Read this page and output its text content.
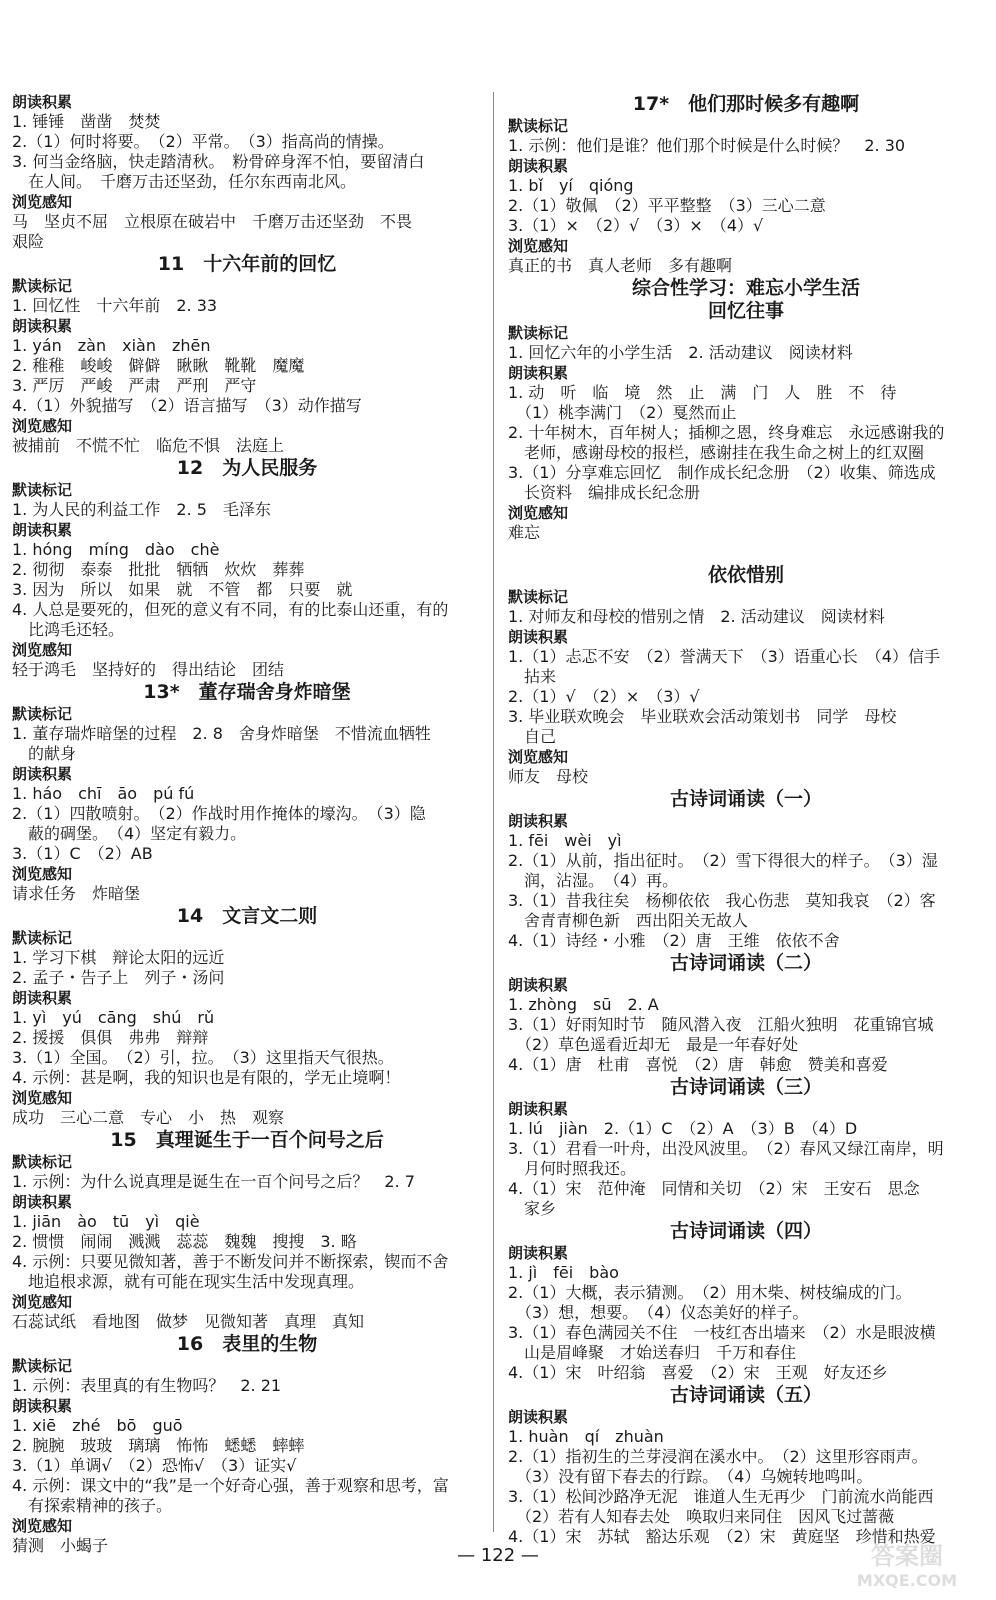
朗读积累
1. 锤锤　凿凿　焚焚
2.（1）何时将要。　（2）平常。　（3）指高尚的情操。
3. 何当金络脑，快走踏清秋。　粉骨碎身浑不怕，要留清白
　在人间。　千磨万击还坚劲，任尔东西南北风。
浏览感知
马　坚贞不屈　立根原在破岩中　千磨万击还坚劲　不畏
艰险
11　十六年前的回忆
默读标记
1. 回忆性　十六年前　2. 33
朗读积累
1. yán　zàn　xiàn　zhēn
2. 稚稚　峻峻　僻僻　瞅瞅　靴靴　魔魔
3. 严厉　严峻　严肃　严刑　严守
4.（1）外貌描写　（2）语言描写　（3）动作描写
浏览感知
被捕前　不慌不忙　临危不惧　法庭上
12　为人民服务
默读标记
1. 为人民的利益工作　2. 5　毛泽东
朗读积累
1. hóng　míng　dào　chè
2. 彻彻　泰泰　批批　牺牺　炊炊　葬葬
3. 因为　所以　如果　就　不管　都　只要　就
4. 人总是要死的，但死的意义有不同，有的比泰山还重，有的
　比鸿毛还轻。
浏览感知
轻于鸿毛　坚持好的　得出结论　团结
13*　董存瑞舍身炸暗堡
默读标记
1. 董存瑞炸暗堡的过程　2. 8　舍身炸暗堡　不惜流血牺牲
　的献身
朗读积累
1. háo　chī　āo　pú fú
2.（1）四散喷射。　（2）作战时用作掩体的壕沟。　（3）隐
　蔽的碉堡。　（4）坚定有毅力。
3.（1）C　（2）AB
浏览感知
请求任务　炸暗堡
14　文言文二则
默读标记
1. 学习下棋　辩论太阳的远近
2. 孟子・告子上　列子・汤问
朗读积累
1. yì　yú　cāng　shú　rǔ
2. 援援　俱俱　弗弗　辩辩
3.（1）全国。　（2）引，拉。　（3）这里指天气很热。
4. 示例：甚是啊，我的知识也是有限的，学无止境啊！
浏览感知
成功　三心二意　专心　小　热　观察
15　真理诞生于一百个问号之后
默读标记
1. 示例：为什么说真理是诞生在一百个问号之后？　2. 7
朗读积累
1. jiān　ào　tū　yì　qiè
2. 惯惯　闹闹　溅溅　蕊蕊　魏魏　搜搜　3. 略
4. 示例：只要见微知著，善于不断发问并不断探索，锲而不舍
　地追根求源，就有可能在现实生活中发现真理。
浏览感知
石蕊试纸　看地图　做梦　见微知著　真理　真知
16　表里的生物
默读标记
1. 示例：表里真的有生物吗？　2. 21
朗读积累
1. xiē　zhé　bō　guō
2. 腕腕　玻玻　璃璃　怖怖　蟋蟋　蟀蟀
3.（1）单调√　（2）恐怖√　（3）证实√
4. 示例：课文中的“我”是一个好奇心强，善于观察和思考，富
　有探索精神的孩子。
浏览感知
猜测　小蝎子
17*　他们那时候多有趣啊
默读标记
1. 示例：他们是谁？他们那个时候是什么时候？　2. 30
朗读积累
1. bǐ　yí　qióng
2.（1）敬佩　（2）平平整整　（3）三心二意
3.（1）×　（2）√　（3）×　（4）√
浏览感知
真正的书　真人老师　多有趣啊
综合性学习：难忘小学生活
回忆往事
默读标记
1. 回忆六年的小学生活　2. 活动建议　阅读材料
朗读积累
1. 动　听　临　境　然　止　满　门　人　胜　不　待
　（1）桃李满门　（2）戛然而止
2. 十年树木，百年树人；插柳之恩，终身难忘　永远感谢我的
　老师，感谢母校的报栏，感谢挂在我生命之树上的红双圈
3.（1）分享难忘回忆　制作成长纪念册　（2）收集、筛选成
　长资料　编排成长纪念册
浏览感知
难忘
依依惜别
默读标记
1. 对师友和母校的惜别之情　2. 活动建议　阅读材料
朗读积累
1.（1）忐忑不安　（2）誉满天下　（3）语重心长　（4）信手
　拈来
2.（1）√　（2）×　（3）√
3. 毕业联欢晚会　毕业联欢会活动策划书　同学　母校
　自己
浏览感知
师友　母校
古诗词诵读（一）
朗读积累
1. fēi　wèi　yì
2.（1）从前，指出征时。　（2）雪下得很大的样子。　（3）湿
　润，沾湿。　（4）再。
3.（1）昔我往矣　杨柳依依　我心伤悲　莫知我哀　（2）客
　舍青青柳色新　西出阳关无故人
4.（1）诗经・小雅　（2）唐　王维　依依不舍
古诗词诵读（二）
朗读积累
1. zhòng　sū　2. A
3.（1）好雨知时节　随风潜入夜　江船火独明　花重锦官城
　（2）草色遥看近却无　最是一年春好处
4.（1）唐　杜甫　喜悦　（2）唐　韩愈　赞美和喜爱
古诗词诵读（三）
朗读积累
1. lú　jiàn　2.（1）C　（2）A　（3）B　（4）D
3.（1）君看一叶舟，出没风波里。　（2）春风又绿江南岸，明
　月何时照我还。
4.（1）宋　范仲淹　同情和关切　（2）宋　王安石　思念
　家乡
古诗词诵读（四）
朗读积累
1. jì　fēi　bào
2.（1）大概，表示猜测。　（2）用木柴、树枝编成的门。
　（3）想，想要。　（4）仪态美好的样子。
3.（1）春色满园关不住　一枝红杏出墙来　（2）水是眼波横
　山是眉峰聚　才始送春归　千万和春住
4.（1）宋　叶绍翁　喜爱　（2）宋　王观　好友还乡
古诗词诵读（五）
朗读积累
1. huàn　qí　zhuàn
2.（1）指初生的兰芽浸润在溪水中。　（2）这里形容雨声。
　（3）没有留下春去的行踪。　（4）乌婉转地鸣叫。
3.（1）松间沙路净无泥　谁道人生无再少　门前流水尚能西
　（2）若有人知春去处　唤取归来同住　因风飞过蔷薇
4.（1）宋　苏轼　豁达乐观　（2）宋　黄庭坚　珍惜和热爱
— 122 —	答案圈
MXQE.COM
